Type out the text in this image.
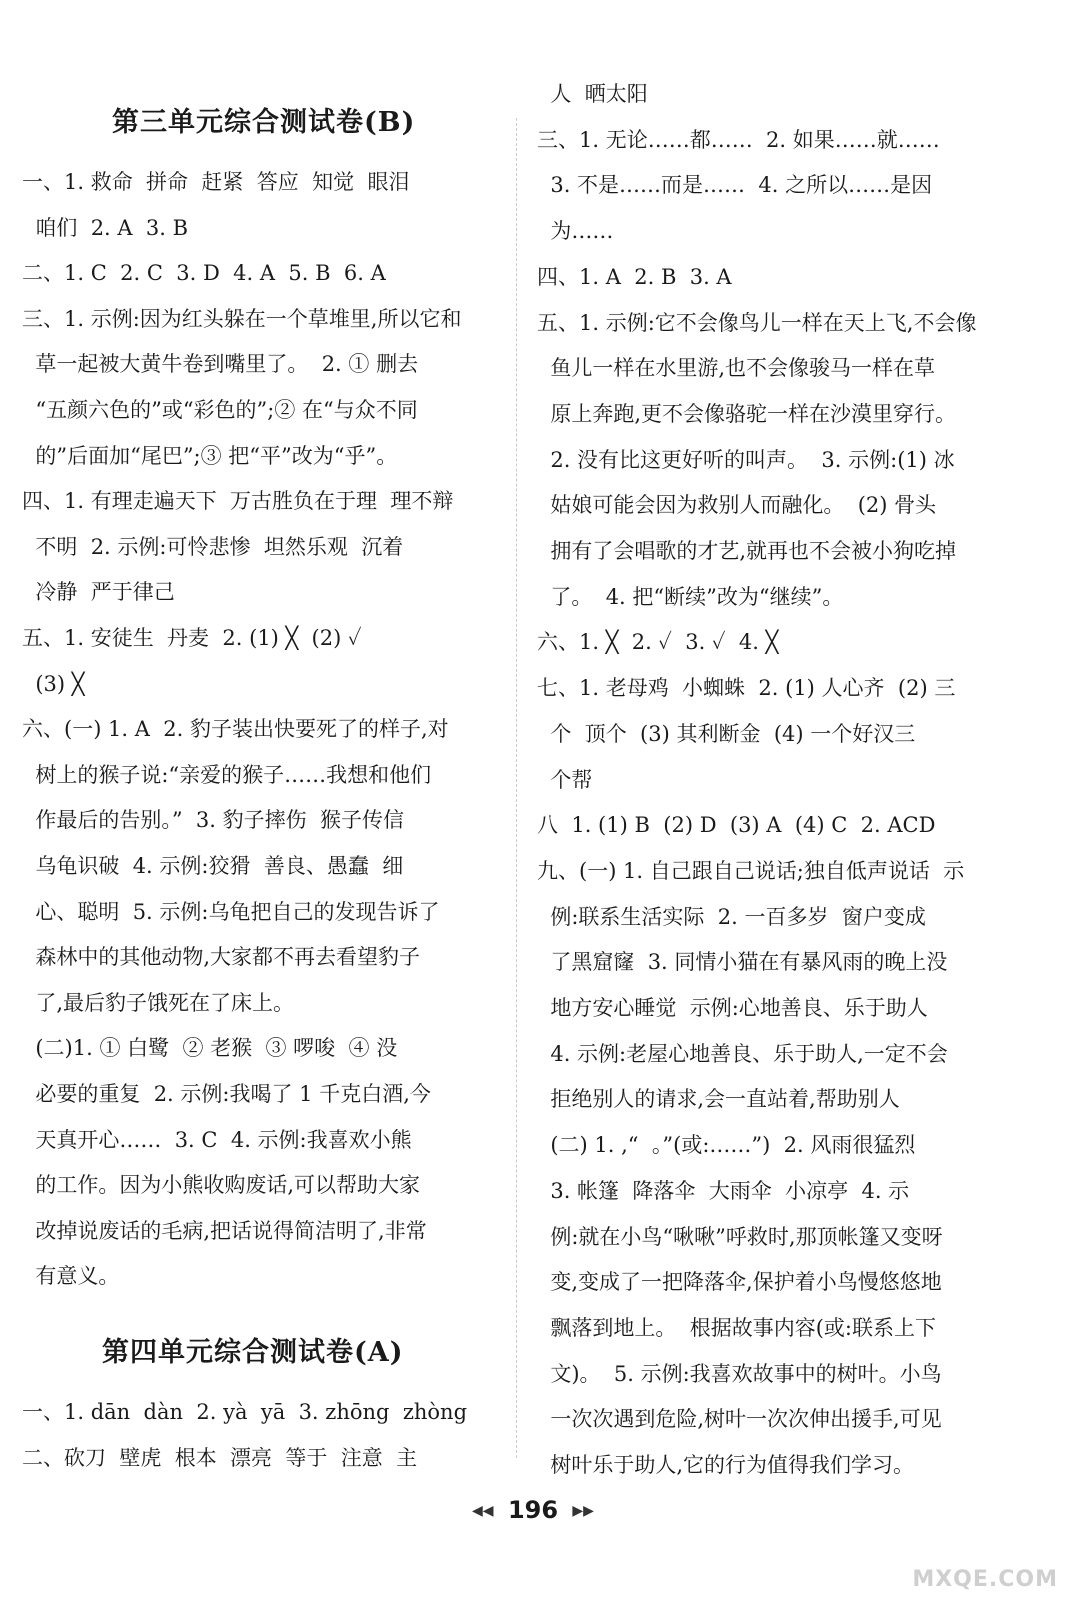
第三单元综合测试卷(B)
一、1. 救命  拼命  赶紧  答应  知觉  眼泪
咱们  2. A  3. B
二、1. C  2. C  3. D  4. A  5. B  6. A
三、1. 示例:因为红头躲在一个草堆里,所以它和
草一起被大黄牛卷到嘴里了。  2. ① 删去
“五颜六色的”或“彩色的”;② 在“与众不同
的”后面加“尾巴”;③ 把“平”改为“乎”。
四、1. 有理走遍天下  万古胜负在于理  理不辩
不明  2. 示例:可怜悲惨  坦然乐观  沉着
冷静  严于律己
五、1. 安徒生  丹麦  2. (1) ╳  (2) ✓
(3) ╳
六、(一) 1. A  2. 豹子装出快要死了的样子,对
树上的猴子说:“亲爱的猴子……我想和他们
作最后的告别。”  3. 豹子摔伤  猴子传信
乌龟识破  4. 示例:狡猾  善良、愚蠢  细
心、聪明  5. 示例:乌龟把自己的发现告诉了
森林中的其他动物,大家都不再去看望豹子
了,最后豹子饿死在了床上。
(二)1. ① 白鹭  ② 老猴  ③ 啰唆  ④ 没
必要的重复  2. 示例:我喝了 1 千克白酒,今
天真开心……  3. C  4. 示例:我喜欢小熊
的工作。因为小熊收购废话,可以帮助大家
改掉说废话的毛病,把话说得简洁明了,非常
有意义。
第四单元综合测试卷(A)
一、1. dān  dàn  2. yà  yā  3. zhōng  zhòng
二、砍刀  壁虎  根本  漂亮  等于  注意  主
人  晒太阳
三、1. 无论……都……  2. 如果……就……
3. 不是……而是……  4. 之所以……是因
为……
四、1. A  2. B  3. A
五、1. 示例:它不会像鸟儿一样在天上飞,不会像
鱼儿一样在水里游,也不会像骏马一样在草
原上奔跑,更不会像骆驼一样在沙漠里穿行。
2. 没有比这更好听的叫声。  3. 示例:(1) 冰
姑娘可能会因为救别人而融化。  (2) 骨头
拥有了会唱歌的才艺,就再也不会被小狗吃掉
了。  4. 把“断续”改为“继续”。
六、1. ╳  2. ✓  3. ✓  4. ╳
七、1. 老母鸡  小蜘蛛  2. (1) 人心齐  (2) 三
个  顶个  (3) 其利断金  (4) 一个好汉三
个帮
八  1. (1) B  (2) D  (3) A  (4) C  2. ACD
九、(一) 1. 自己跟自己说话;独自低声说话  示
例:联系生活实际  2. 一百多岁  窗户变成
了黑窟窿  3. 同情小猫在有暴风雨的晚上没
地方安心睡觉  示例:心地善良、乐于助人
4. 示例:老屋心地善良、乐于助人,一定不会
拒绝别人的请求,会一直站着,帮助别人
(二) 1. ,“  。”(或:……”)  2. 风雨很猛烈
3. 帐篷  降落伞  大雨伞  小凉亭  4. 示
例:就在小鸟“啾啾”呼救时,那顶帐篷又变呀
变,变成了一把降落伞,保护着小鸟慢悠悠地
飘落到地上。  根据故事内容(或:联系上下
文)。  5. 示例:我喜欢故事中的树叶。小鸟
一次次遇到危险,树叶一次次伸出援手,可见
树叶乐于助人,它的行为值得我们学习。
◀◀ 196 ▶▶
MXQE.COM
